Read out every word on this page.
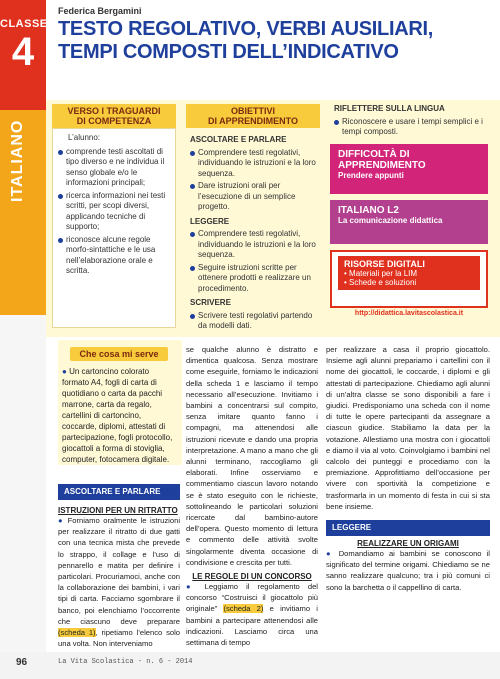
CLASSE
4
Federica Bergamini
TESTO REGOLATIVO, VERBI AUSILIARI,
TEMPI COMPOSTI DELL’INDICATIVO
ITALIANO
VERSO I TRAGUARDI
DI COMPETENZA
L’alunno:
comprende testi ascoltati di tipo diverso e ne individua il senso globale e/o le informazioni principali;
ricerca informazioni nei testi scritti, per scopi diversi, applicando tecniche di supporto;
riconosce alcune regole morfo-sintattiche e le usa nell’elaborazione orale e scritta.
OBIETTIVI
DI APPRENDIMENTO
ASCOLTARE E PARLARE
Comprendere testi regolativi, individuando le istruzioni e la loro sequenza.
Dare istruzioni orali per l’esecuzione di un semplice progetto.
LEGGERE
Comprendere testi regolativi, individuando le istruzioni e la loro sequenza.
Seguire istruzioni scritte per ottenere prodotti e realizzare un procedimento.
SCRIVERE
Scrivere testi regolativi partendo da modelli dati.
RIFLETTERE SULLA LINGUA
Riconoscere e usare i tempi semplici e i tempi composti.
DIFFICOLTÀ DI
APPRENDIMENTO
Prendere appunti
ITALIANO L2
La comunicazione didattica
RISORSE DIGITALI
• Materiali per la LIM
• Schede e soluzioni
http://didattica.lavitascolastica.it
Che cosa mi serve
● Un cartoncino colorato formato A4, fogli di carta di quotidiano o carta da pacchi marrone, carta da regalo, cartellini di cartoncino, coccarde, diplomi, attestati di partecipazione, fogli protocollo, giocattoli a forma di stoviglia, computer, fotocamera digitale.
ASCOLTARE E PARLARE
ISTRUZIONI PER UN RITRATTO
● Forniamo oralmente le istruzioni per realizzare il ritratto di due gatti con una tecnica mista che prevede lo strappo, il collage e l’uso di pennarello e matita per definire i particolari. Procuriamoci, anche con la collaborazione dei bambini, i vari tipi di carta. Facciamo sgombrare il banco, poi elenchiamo l’occorrente che ciascuno deve preparare (scheda 1), ripetiamo l’elenco solo una volta. Non interveniamo
se qualche alunno è distratto e dimentica qualcosa. Senza mostrare come eseguirle, forniamo le indicazioni della scheda 1 e lasciamo il tempo necessario all’esecuzione. Invitiamo i bambini a concentrarsi sul compito, senza imitare quanto fanno i compagni, ma attenendosi alle istruzioni ricevute e dando una propria interpretazione. A mano a mano che gli alunni terminano, raccogliamo gli elaborati. Infine osserviamo e commentiamo ciascun lavoro notando se è stato eseguito con le richieste, sottolineando le particolari soluzioni ricercate dal bambino-autore dell’opera. Questo momento di lettura e commento delle attività svolte singolarmente diventa occasione di condivisione e crescita per tutti.
LE REGOLE DI UN CONCORSO
● Leggiamo il regolamento del concorso “Costruisci il giocattolo più originale” (scheda 2) e invitiamo i bambini a partecipare attenendosi alle indicazioni. Lasciamo circa una settimana di tempo
per realizzare a casa il proprio giocattolo. Insieme agli alunni prepariamo i cartellini con il nome dei giocattoli, le coccarde, i diplomi e gli attestati di partecipazione. Chiediamo agli alunni di un’altra classe se sono disponibili a fare i giudici. Predisponiamo una scheda con il nome di tutte le opere partecipanti da assegnare a ciascun giudice. Stabiliamo la data per la votazione. Allestiamo una mostra con i giocattoli e diamo il via al voto. Coinvolgiamo i bambini nel calcolo dei punteggi e procediamo con la premiazione. Approfittiamo dell’occasione per vivere con sportività la competizione e trasformarla in un momento di festa in cui si sta bene insieme.
LEGGERE
REALIZZARE UN ORIGAMI
● Domandiamo ai bambini se conoscono il significato del termine origami. Chiediamo se ne sanno realizzare qualcuno; tra i più comuni ci sono la barchetta o il cappellino di carta.
96	La Vita Scolastica - n. 6 - 2014
